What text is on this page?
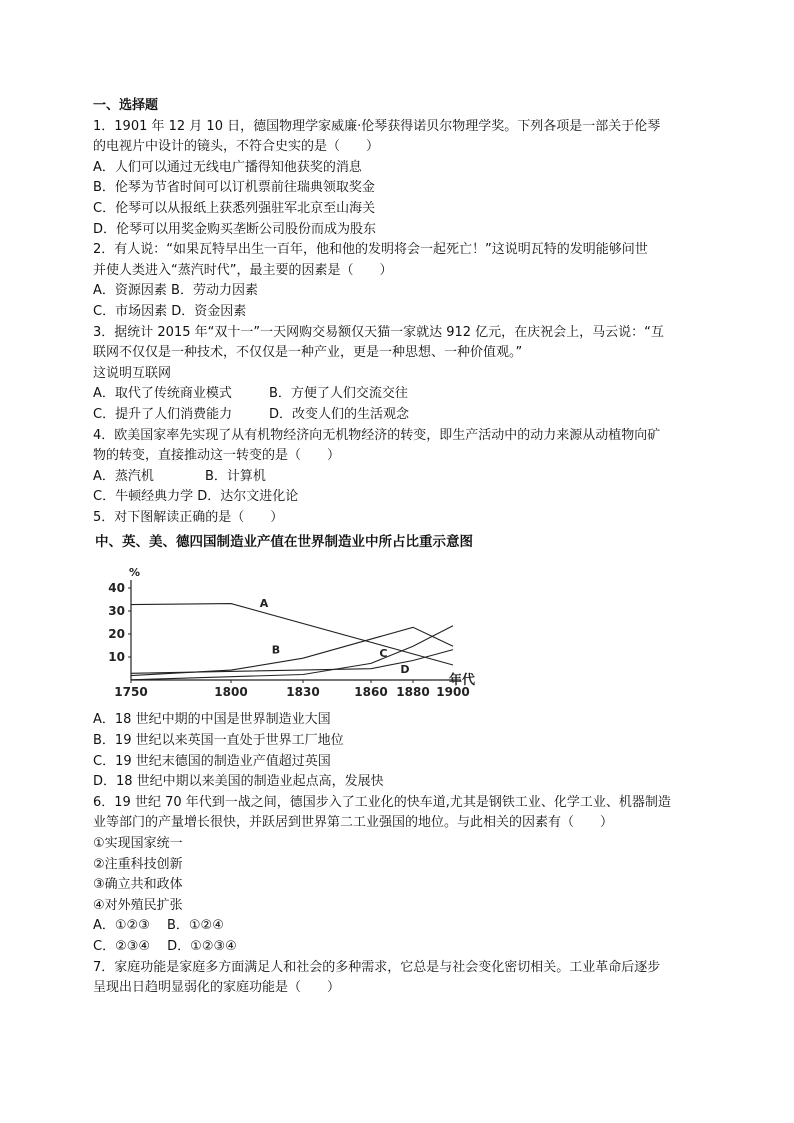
一、选择题
1．1901 年 12 月 10 日，德国物理学家威廉·伦琴获得诺贝尔物理学奖。下列各项是一部关于伦琴
的电视片中设计的镜头，不符合史实的是（　　）
A．人们可以通过无线电广播得知他获奖的消息
B．伦琴为节省时间可以订机票前往瑞典领取奖金
C．伦琴可以从报纸上获悉列强驻军北京至山海关
D．伦琴可以用奖金购买垄断公司股份而成为股东
2．有人说：“如果瓦特早出生一百年，他和他的发明将会一起死亡！”这说明瓦特的发明能够问世
并使人类进入“蒸汽时代”，最主要的因素是（　　）
A．资源因素 B．劳动力因素
C．市场因素 D．资金因素
3．据统计 2015 年“双十一”一天网购交易额仅天猫一家就达 912 亿元，在庆祝会上，马云说：“互
联网不仅仅是一种技术，不仅仅是一种产业，更是一种思想、一种价值观。”
这说明互联网
A．取代了传统商业模式	B．方便了人们交流交往
C．提升了人们消费能力	D．改变人们的生活观念
4．欧美国家率先实现了从有机物经济向无机物经济的转变，即生产活动中的动力来源从动植物向矿
物的转变，直接推动这一转变的是（　　）
A．蒸汽机	B．计算机
C．牛顿经典力学 D．达尔文进化论
5．对下图解读正确的是（　　）
中、英、美、德四国制造业产值在世界制造业中所占比重示意图
%
10
20
30
40
1750	1800	1830	1860 1880 1900
年代
A
B	C
D
A．18 世纪中期的中国是世界制造业大国
B．19 世纪以来英国一直处于世界工厂地位
C．19 世纪末德国的制造业产值超过英国
D．18 世纪中期以来美国的制造业起点高，发展快
6．19 世纪 70 年代到一战之间，德国步入了工业化的快车道,尤其是钢铁工业、化学工业、机器制造
业等部门的产量增长很快，并跃居到世界第二工业强国的地位。与此相关的因素有（　　）
①实现国家统一
②注重科技创新
③确立共和政体
④对外殖民扩张
A．①②③　 B．①②④
C．②③④　 D．①②③④
7．家庭功能是家庭多方面满足人和社会的多种需求，它总是与社会变化密切相关。工业革命后逐步
呈现出日趋明显弱化的家庭功能是（　　）
